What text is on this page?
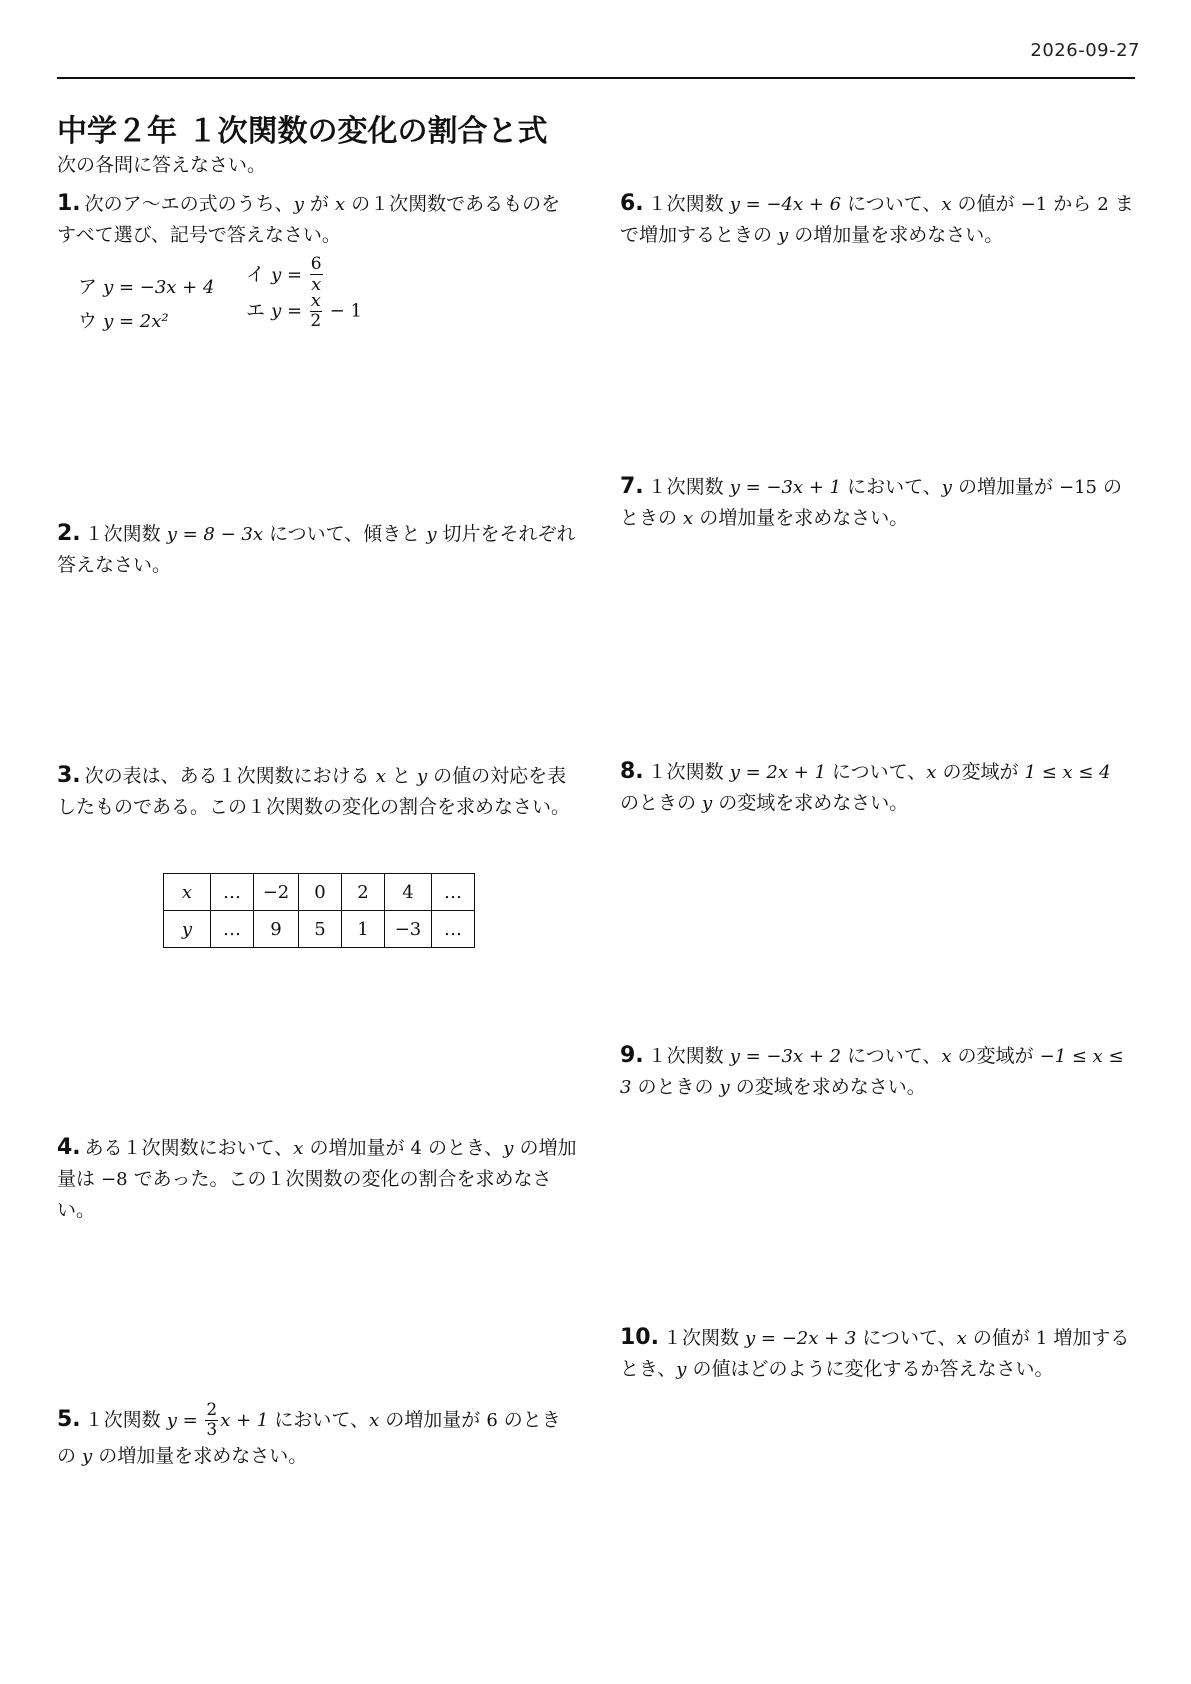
2026-09-27
中学２年 １次関数の変化の割合と式
次の各問に答えなさい。
1. 次のア〜エの式のうち、y が x の１次関数であるものをすべて選び、記号で答えなさい。
ア y = −3x + 4
イ $y = \frac{6}{x}$
ウ y = 2x²	エ $y = \frac{x}{2} - 1$
2. １次関数 y = 8 − 3x について、傾きと y 切片をそれぞれ答えなさい。
3. 次の表は、ある１次関数における x と y の値の対応を表したものである。この１次関数の変化の割合を求めなさい。
x	…	−2	0	2	4	…
y	…	9	5	1	−3	…
4. ある１次関数において、x の増加量が 4 のとき、y の増加量は −8 であった。この１次関数の変化の割合を求めなさい。
5. １次関数 $y = \frac{2}{3}$ x + 1 において、x の増加量が 6 のときの y の増加量を求めなさい。
6. １次関数 y = −4x + 6 について、x の値が −1 から 2 まで増加するときの y の増加量を求めなさい。
7. １次関数 y = −3x + 1 において、y の増加量が −15 のときの x の増加量を求めなさい。
8. １次関数 y = 2x + 1 について、x の変域が 1 ≤ x ≤ 4 のときの y の変域を求めなさい。
9. １次関数 y = −3x + 2 について、x の変域が −1 ≤ x ≤ 3 のときの y の変域を求めなさい。
10. １次関数 y = −2x + 3 について、x の値が 1 増加するとき、y の値はどのように変化するか答えなさい。
